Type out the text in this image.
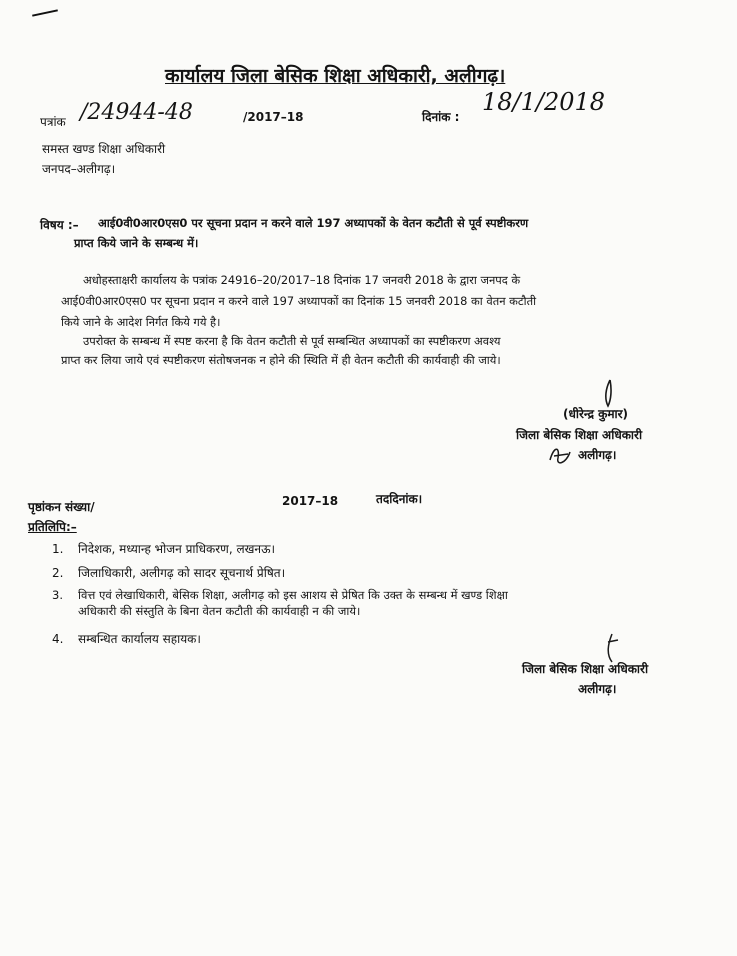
कार्यालय जिला बेसिक शिक्षा अधिकारी, अलीगढ़।
पत्रांक /24944-48	/2017–18	दिनांक :
18/1/2018
समस्त खण्ड शिक्षा अधिकारी
जनपद–अलीगढ़।
विषय :– आई0वी0आर0एस0 पर सूचना प्रदान न करने वाले 197 अध्यापकों के वेतन कटौती से पूर्व स्पष्टीकरण
प्राप्त किये जाने के सम्बन्ध में।
अधोहस्ताक्षरी कार्यालय के पत्रांक 24916–20/2017–18 दिनांक 17 जनवरी 2018 के द्वारा जनपद के
आई0वी0आर0एस0 पर सूचना प्रदान न करने वाले 197 अध्यापकों का दिनांक 15 जनवरी 2018 का वेतन कटौती
किये जाने के आदेश निर्गत किये गये है।
उपरोक्त के सम्बन्ध में स्पष्ट करना है कि वेतन कटौती से पूर्व सम्बन्धित अध्यापकों का स्पष्टीकरण अवश्य
प्राप्त कर लिया जाये एवं स्पष्टीकरण संतोषजनक न होने की स्थिति में ही वेतन कटौती की कार्यवाही की जाये।
(धीरेन्द्र कुमार)
जिला बेसिक शिक्षा अधिकारी
अलीगढ़।
पृष्ठांकन संख्या/	2017–18	तददिनांक।
प्रतिलिपि:–
1. निदेशक, मध्यान्ह भोजन प्राधिकरण, लखनऊ।
2. जिलाधिकारी, अलीगढ़ को सादर सूचनार्थ प्रेषित।
3. वित्त एवं लेखाधिकारी, बेसिक शिक्षा, अलीगढ़ को इस आशय से प्रेषित कि उक्त के सम्बन्ध में खण्ड शिक्षा
अधिकारी की संस्तुति के बिना वेतन कटौती की कार्यवाही न की जाये।
4. सम्बन्धित कार्यालय सहायक।
जिला बेसिक शिक्षा अधिकारी
अलीगढ़।
